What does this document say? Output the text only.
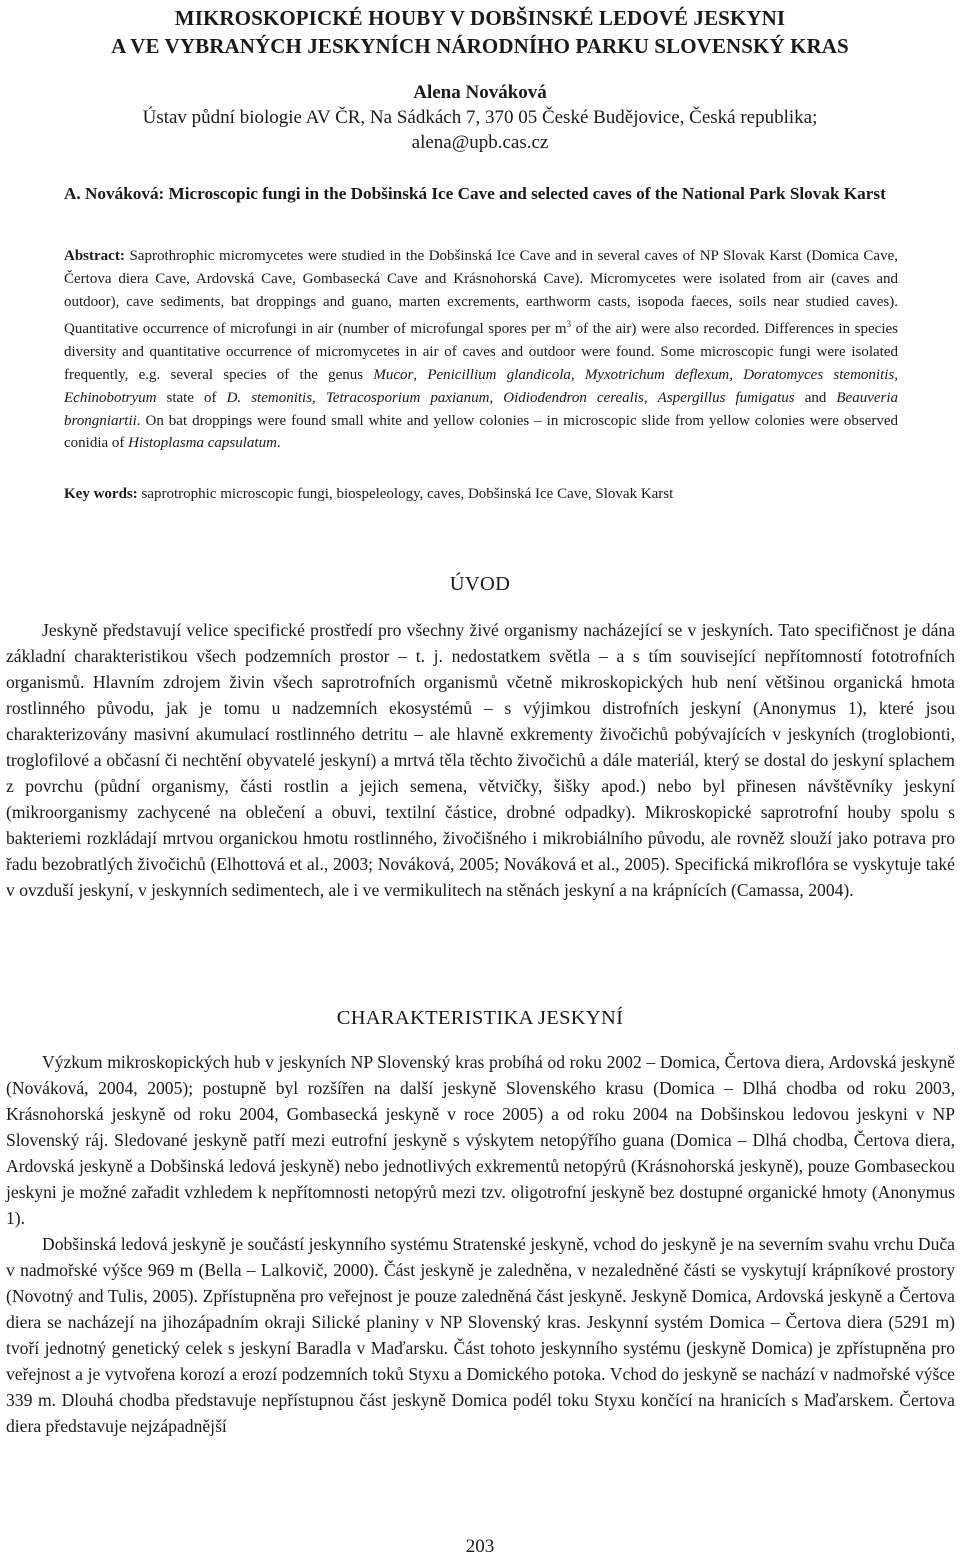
MIKROSKOPICKÉ HOUBY V DOBŠINSKÉ LEDOVÉ JESKYNI
A VE VYBRANÝCH JESKYNÍCH NÁRODNÍHO PARKU SLOVENSKÝ KRAS
Alena Nováková
Ústav půdní biologie AV ČR, Na Sádkách 7, 370 05 České Budějovice, Česká republika;
alena@upb.cas.cz
A. Nováková: Microscopic fungi in the Dobšinská Ice Cave and selected caves of the National Park Slovak Karst
Abstract: Saprothrophic micromycetes were studied in the Dobšinská Ice Cave and in several caves of NP Slovak Karst (Domica Cave, Čertova diera Cave, Ardovská Cave, Gombasecká Cave and Krásnohorská Cave). Micromycetes were isolated from air (caves and outdoor), cave sediments, bat droppings and guano, marten excrements, earthworm casts, isopoda faeces, soils near studied caves). Quantitative occurrence of microfungi in air (number of microfungal spores per $m^3$ of the air) were also recorded. Differences in species diversity and quantitative occurrence of micromycetes in air of caves and outdoor were found. Some microscopic fungi were isolated frequently, e.g. several species of the genus Mucor, Penicillium glandicola, Myxotrichum deflexum, Doratomyces stemonitis, Echinobotryum state of D. stemonitis, Tetracosporium paxianum, Oidiodendron cerealis, Aspergillus fumigatus and Beauveria brongniartii. On bat droppings were found small white and yellow colonies – in microscopic slide from yellow colonies were observed conidia of Histoplasma capsulatum.
Key words: saprotrophic microscopic fungi, biospeleology, caves, Dobšinská Ice Cave, Slovak Karst
ÚVOD

Jeskyně představují velice specifické prostředí pro všechny živé organismy nacházející se v jeskyních. Tato specifičnost je dána základní charakteristikou všech podzemních prostor – t. j. nedostatkem světla – a s tím související nepřítomností fototrofních organismů. Hlavním zdrojem živin všech saprotrofních organismů včetně mikroskopických hub není většinou organická hmota rostlinného původu, jak je tomu u nadzemních ekosystémů – s výjimkou distrofních jeskyní (Anonymus 1), které jsou charakterizovány masivní akumulací rostlinného detritu – ale hlavně exkrementy živočichů pobývajících v jeskyních (troglobionti, troglofilové a občasní či nechtění obyvatelé jeskyní) a mrtvá těla těchto živočichů a dále materiál, který se dostal do jeskyní splachem z povrchu (půdní organismy, části rostlin a jejich semena, větvičky, šišky apod.) nebo byl přinesen návštěvníky jeskyní (mikroorganismy zachycené na oblečení a obuvi, textilní částice, drobné odpadky). Mikroskopické saprotrofní houby spolu s bakteriemi rozkládají mrtvou organickou hmotu rostlinného, živočišného i mikrobiálního původu, ale rovněž slouží jako potrava pro řadu bezobratlých živočichů (Elhottová et al., 2003; Nováková, 2005; Nováková et al., 2005). Specifická mikroflóra se vyskytuje také v ovzduší jeskyní, v jeskynních sedimentech, ale i ve vermikulitech na stěnách jeskyní a na krápnících (Camassa, 2004).

CHARAKTERISTIKA JESKYNÍ

Výzkum mikroskopických hub v jeskyních NP Slovenský kras probíhá od roku 2002 – Domica, Čertova diera, Ardovská jeskyně (Nováková, 2004, 2005); postupně byl rozšířen na další jeskyně Slovenského krasu (Domica – Dlhá chodba od roku 2003, Krásnohorská jeskyně od roku 2004, Gombasecká jeskyně v roce 2005) a od roku 2004 na Dobšinskou ledovou jeskyni v NP Slovenský ráj. Sledované jeskyně patří mezi eutrofní jeskyně s výskytem netopýřího guana (Domica – Dlhá chodba, Čertova diera, Ardovská jeskyně a Dobšinská ledová jeskyně) nebo jednotlivých exkrementů netopýrů (Krásnohorská jeskyně), pouze Gombaseckou jeskyni je možné zařadit vzhledem k nepřítomnosti netopýrů mezi tzv. oligotrofní jeskyně bez dostupné organické hmoty (Anonymus 1).

Dobšinská ledová jeskyně je součástí jeskynního systému Stratenské jeskyně, vchod do jeskyně je na severním svahu vrchu Duča v nadmořské výšce 969 m (Bella – Lalkovič, 2000). Část jeskyně je zaledněna, v nezaledněné části se vyskytují krápníkové prostory (Novotný and Tulis, 2005). Zpřístupněna pro veřejnost je pouze zaledněná část jeskyně. Jeskyně Domica, Ardovská jeskyně a Čertova diera se nacházejí na jihozápadním okraji Silické planiny v NP Slovenský kras. Jeskynní systém Domica – Čertova diera (5291 m) tvoří jednotný genetický celek s jeskyní Baradla v Maďarsku. Část tohoto jeskynního systému (jeskyně Domica) je zpřístupněna pro veřejnost a je vytvořena korozí a erozí podzemních toků Styxu a Domického potoka. Vchod do jeskyně se nachází v nadmořské výšce 339 m. Dlouhá chodba představuje nepřístupnou část jeskyně Domica podél toku Styxu končící na hranicích s Maďarskem. Čertova diera představuje nejzápadnější

203
